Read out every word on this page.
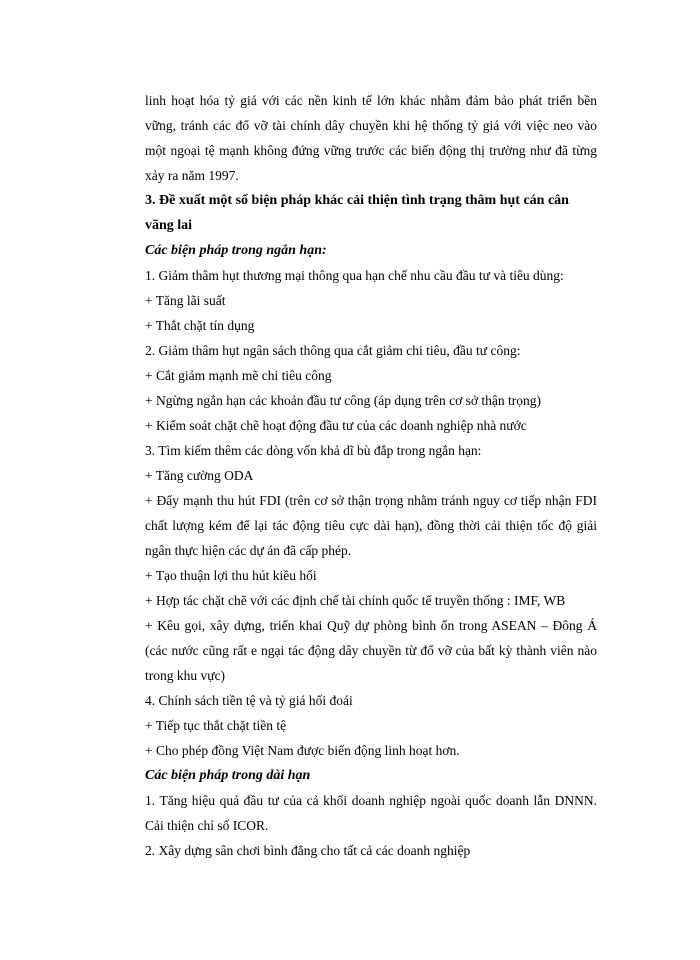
linh hoạt hóa tỷ giá với các nền kinh tế lớn khác nhằm đảm bảo phát triển bền
vững, tránh các đổ vỡ tài chính dây chuyền khi hệ thống tỷ giá với việc neo vào
một ngoại tệ mạnh không đứng vững trước các biến động thị trường như đã từng
xảy ra năm 1997.
3. Đề xuất một số biện pháp khác cải thiện tình trạng thâm hụt cán cân
vãng lai
Các biện pháp trong ngắn hạn:
1. Giảm thâm hụt thương mại thông qua hạn chế nhu cầu đầu tư và tiêu dùng:
+ Tăng lãi suất
+ Thắt chặt tín dụng
2. Giảm thâm hụt ngân sách thông qua cắt giảm chi tiêu, đầu tư công:
+ Cắt giảm mạnh mẽ chi tiêu công
+ Ngừng ngắn hạn các khoản đầu tư công (áp dụng trên cơ sở thận trọng)
+ Kiểm soát chặt chẽ hoạt động đầu tư của các doanh nghiệp nhà nước
3. Tìm kiếm thêm các dòng vốn khả dĩ bù đắp trong ngắn hạn:
+ Tăng cường ODA
+ Đẩy mạnh thu hút FDI (trên cơ sở thận trọng nhằm tránh nguy cơ tiếp nhận FDI
chất lượng kém để lại tác động tiêu cực dài hạn), đồng thời cải thiện tốc độ giải
ngân thực hiện các dự án đã cấp phép.
+ Tạo thuận lợi thu hút kiều hối
+ Hợp tác chặt chẽ với các định chế tài chính quốc tế truyền thống : IMF, WB
+ Kêu gọi, xây dựng, triển khai Quỹ dự phòng bình ổn trong ASEAN – Đông Á
(các nước cũng rất e ngại tác động dây chuyền từ đổ vỡ của bất kỳ thành viên nào
trong khu vực)
4. Chính sách tiền tệ và tỷ giá hối đoái
+ Tiếp tục thắt chặt tiền tệ
+ Cho phép đồng Việt Nam được biến động linh hoạt hơn.
Các biện pháp trong dài hạn
1. Tăng hiệu quả đầu tư của cả khối doanh nghiệp ngoài quốc doanh lẫn DNNN.
Cải thiện chỉ số ICOR.
2. Xây dựng sân chơi bình đẳng cho tất cả các doanh nghiệp
